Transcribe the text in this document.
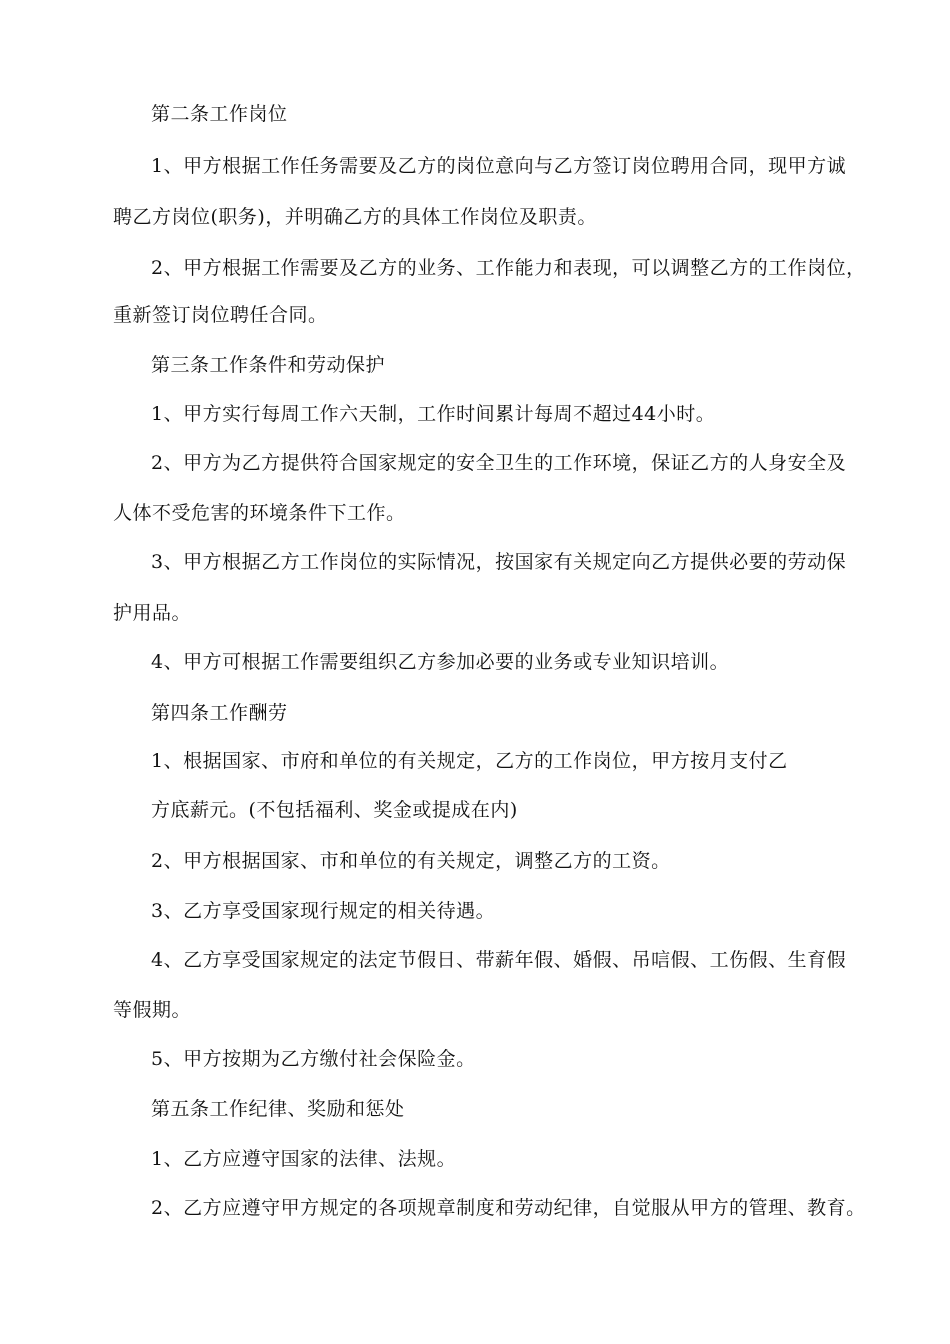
第二条工作岗位
1、甲方根据工作任务需要及乙方的岗位意向与乙方签订岗位聘用合同，现甲方诚
聘乙方岗位(职务)，并明确乙方的具体工作岗位及职责。
2、甲方根据工作需要及乙方的业务、工作能力和表现，可以调整乙方的工作岗位，
重新签订岗位聘任合同。
第三条工作条件和劳动保护
1、甲方实行每周工作六天制，工作时间累计每周不超过44小时。
2、甲方为乙方提供符合国家规定的安全卫生的工作环境，保证乙方的人身安全及
人体不受危害的环境条件下工作。
3、甲方根据乙方工作岗位的实际情况，按国家有关规定向乙方提供必要的劳动保
护用品。
4、甲方可根据工作需要组织乙方参加必要的业务或专业知识培训。
第四条工作酬劳
1、根据国家、市府和单位的有关规定，乙方的工作岗位，甲方按月支付乙
方底薪元。(不包括福利、奖金或提成在内)
2、甲方根据国家、市和单位的有关规定，调整乙方的工资。
3、乙方享受国家现行规定的相关待遇。
4、乙方享受国家规定的法定节假日、带薪年假、婚假、吊唁假、工伤假、生育假
等假期。
5、甲方按期为乙方缴付社会保险金。
第五条工作纪律、奖励和惩处
1、乙方应遵守国家的法律、法规。
2、乙方应遵守甲方规定的各项规章制度和劳动纪律，自觉服从甲方的管理、教育。
